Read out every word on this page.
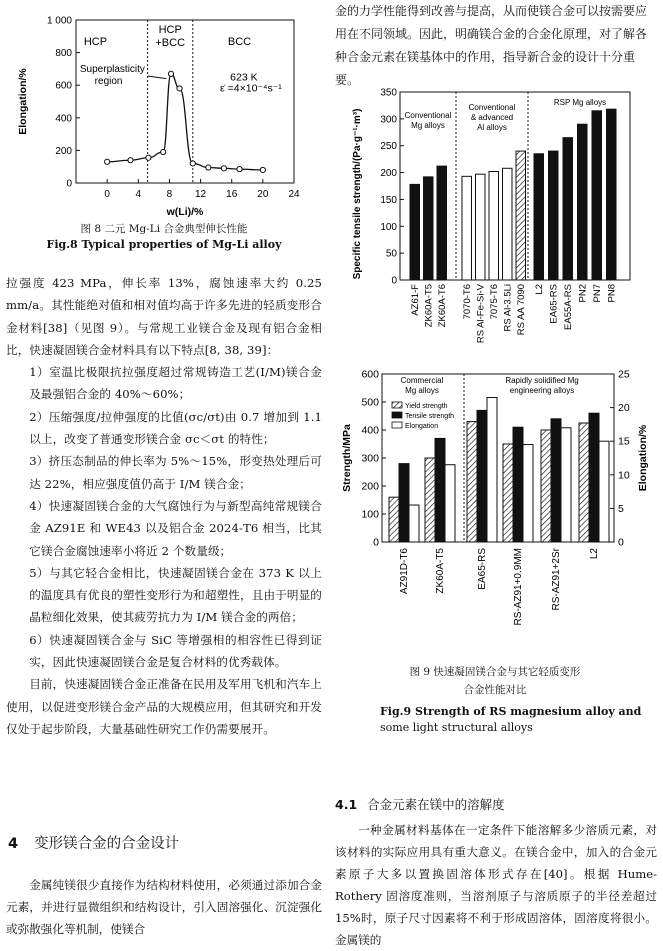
0
200
400
600
800
1 000
0	4	8 12 16 20 24
Elongation/%
w(Li)/%
HCP
HCP
+BCC	BCC
Superplasticity
region	623 K
ε̇ =4×10⁻⁴s⁻¹
图 8 二元 Mg-Li 合金典型伸长性能
Fig.8 Typical properties of Mg-Li alloy

拉强度 423 MPa，伸长率 13%，腐蚀速率大约 0.25 mm/a。其性能绝对值和相对值均高于许多先进的轻质变形合金材料[38]（见图 9）。与常规工业镁合金及现有铝合金相比，快速凝固镁合金材料具有以下特点[8, 38, 39]：

1）室温比极限抗拉强度超过常规铸造工艺(I/M)镁合金及最强铝合金的 40%～60%；

2）压缩强度/拉伸强度的比值(σc/σt)由 0.7 增加到 1.1 以上，改变了普通变形镁合金 σc＜σt 的特性；

3）挤压态制品的伸长率为 5%～15%，形变热处理后可达 22%，相应强度值仍高于 I/M 镁合金；

4）快速凝固镁合金的大气腐蚀行为与新型高纯常规镁合金 AZ91E 和 WE43 以及铝合金 2024-T6 相当，比其它镁合金腐蚀速率小将近 2 个数量级；

5）与其它轻合金相比，快速凝固镁合金在 373 K 以上的温度具有优良的塑性变形行为和超塑性，且由于明显的晶粒细化效果，使其疲劳抗力为 I/M 镁合金的两倍；

6）快速凝固镁合金与 SiC 等增强相的相容性已得到证实，因此快速凝固镁合金是复合材料的优秀载体。

目前，快速凝固镁合金正准备在民用及军用飞机和汽车上使用，以促进变形镁合金产品的大规模应用，但其研究和开发仅处于起步阶段，大量基础性研究工作仍需要展开。

4 变形镁合金的合金设计

金属纯镁很少直接作为结构材料使用，必须通过添加合金元素，并进行显微组织和结构设计，引入固溶强化、沉淀强化或弥散强化等机制，使镁合

金的力学性能得到改善与提高，从而使镁合金可以按需要应用在不同领域。因此，明确镁合金的合金化原理，对了解各种合金元素在镁基体中的作用，指导新合金的设计十分重要。
0
50
100
150
200
250
300
350
Specific tensile strength/(Pa·g⁻¹·m³)
AZ61-F ZK60A-T5 ZK60A-T6 7070-T6 RS Al-Fe-Si-V 7075-T6 RS Al-3.5Li RS AA 7090 L2 EA65-RS EA55A-RS PN2 PN7 PN8
Conventional
Mg alloys
Conventional
& advanced
Al alloys
RSP Mg alloys
0
100
200
300
400
500
600
0
5
10
15
20
25
Strength/MPa	Elongation/%
Commercial
Mg alloys
Rapidly solidified Mg
engineering alloys
Yield strength
Tensile strength
Elongation
AZ91D-T6	ZK60A-T5	EA65-RS	RS-AZ91+0.9MM	RS-AZ91+2Sr	L2
图 9 快速凝固镁合金与其它轻质变形
合金性能对比
Fig.9 Strength of RS magnesium alloy and
some light structural alloys
4.1 合金元素在镁中的溶解度

一种金属材料基体在一定条件下能溶解多少溶质元素，对该材料的实际应用具有重大意义。在镁合金中，加入的合金元素原子大多以置换固溶体形式存在[40]。根据 Hume-Rothery 固溶度准则，当溶剂原子与溶质原子的半径差超过 15%时，原子尺寸因素将不利于形成固溶体，固溶度将很小。金属镁的
